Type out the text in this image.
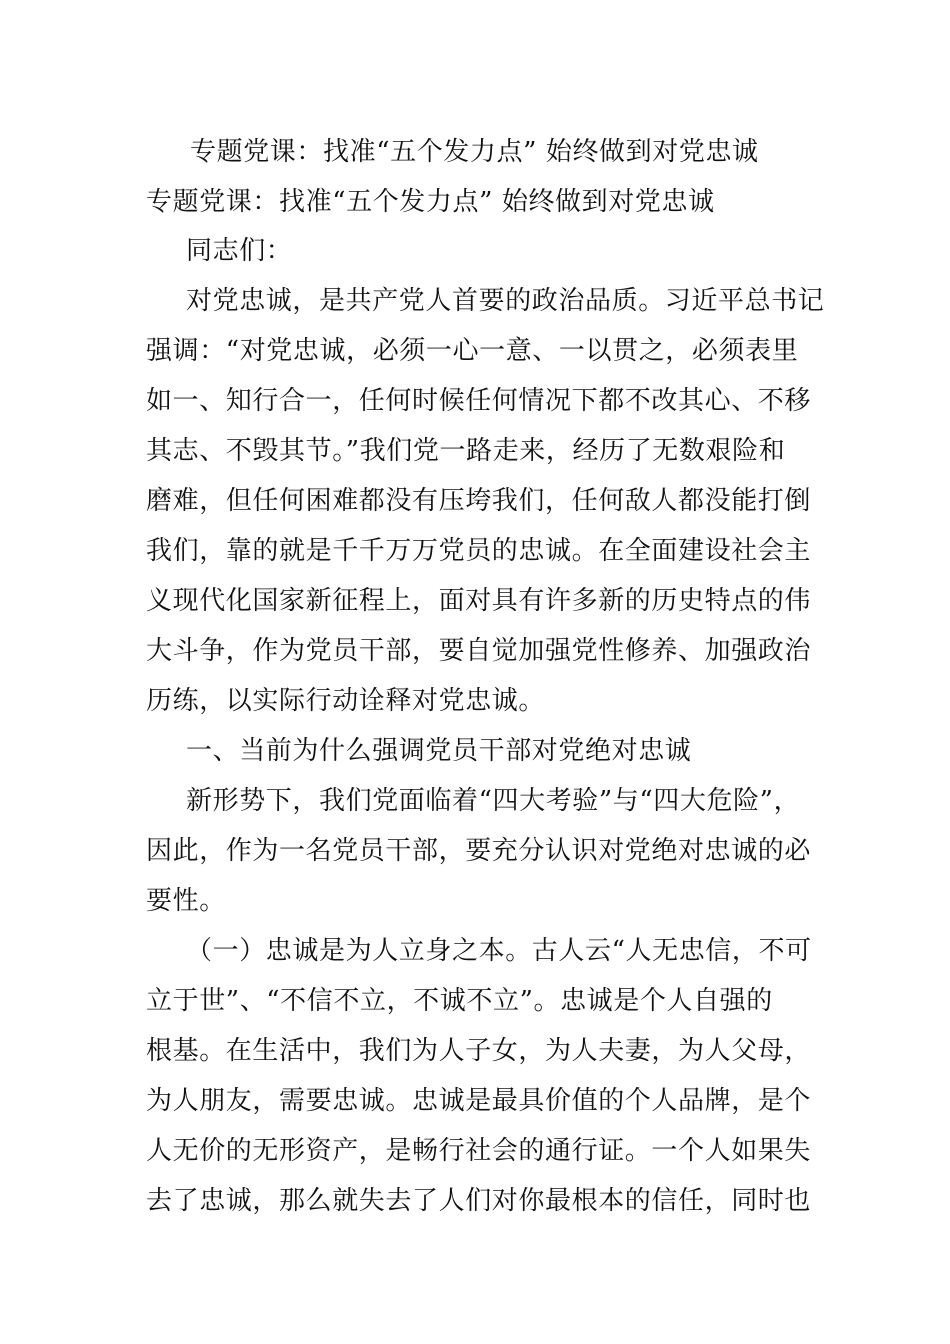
专题党课：找准“五个发力点” 始终做到对党忠诚
专题党课：找准“五个发力点” 始终做到对党忠诚
同志们：
对党忠诚，是共产党人首要的政治品质。习近平总书记
强调：“对党忠诚，必须一心一意、一以贯之，必须表里
如一、知行合一，任何时候任何情况下都不改其心、不移
其志、不毁其节。”我们党一路走来，经历了无数艰险和
磨难，但任何困难都没有压垮我们，任何敌人都没能打倒
我们，靠的就是千千万万党员的忠诚。在全面建设社会主
义现代化国家新征程上，面对具有许多新的历史特点的伟
大斗争，作为党员干部，要自觉加强党性修养、加强政治
历练，以实际行动诠释对党忠诚。
一、当前为什么强调党员干部对党绝对忠诚
新形势下，我们党面临着“四大考验”与“四大危险”，
因此，作为一名党员干部，要充分认识对党绝对忠诚的必
要性。
（一）忠诚是为人立身之本。古人云“人无忠信，不可
立于世”、“不信不立，不诚不立”。忠诚是个人自强的
根基。在生活中，我们为人子女，为人夫妻，为人父母，
为人朋友，需要忠诚。忠诚是最具价值的个人品牌，是个
人无价的无形资产，是畅行社会的通行证。一个人如果失
去了忠诚，那么就失去了人们对你最根本的信任，同时也
